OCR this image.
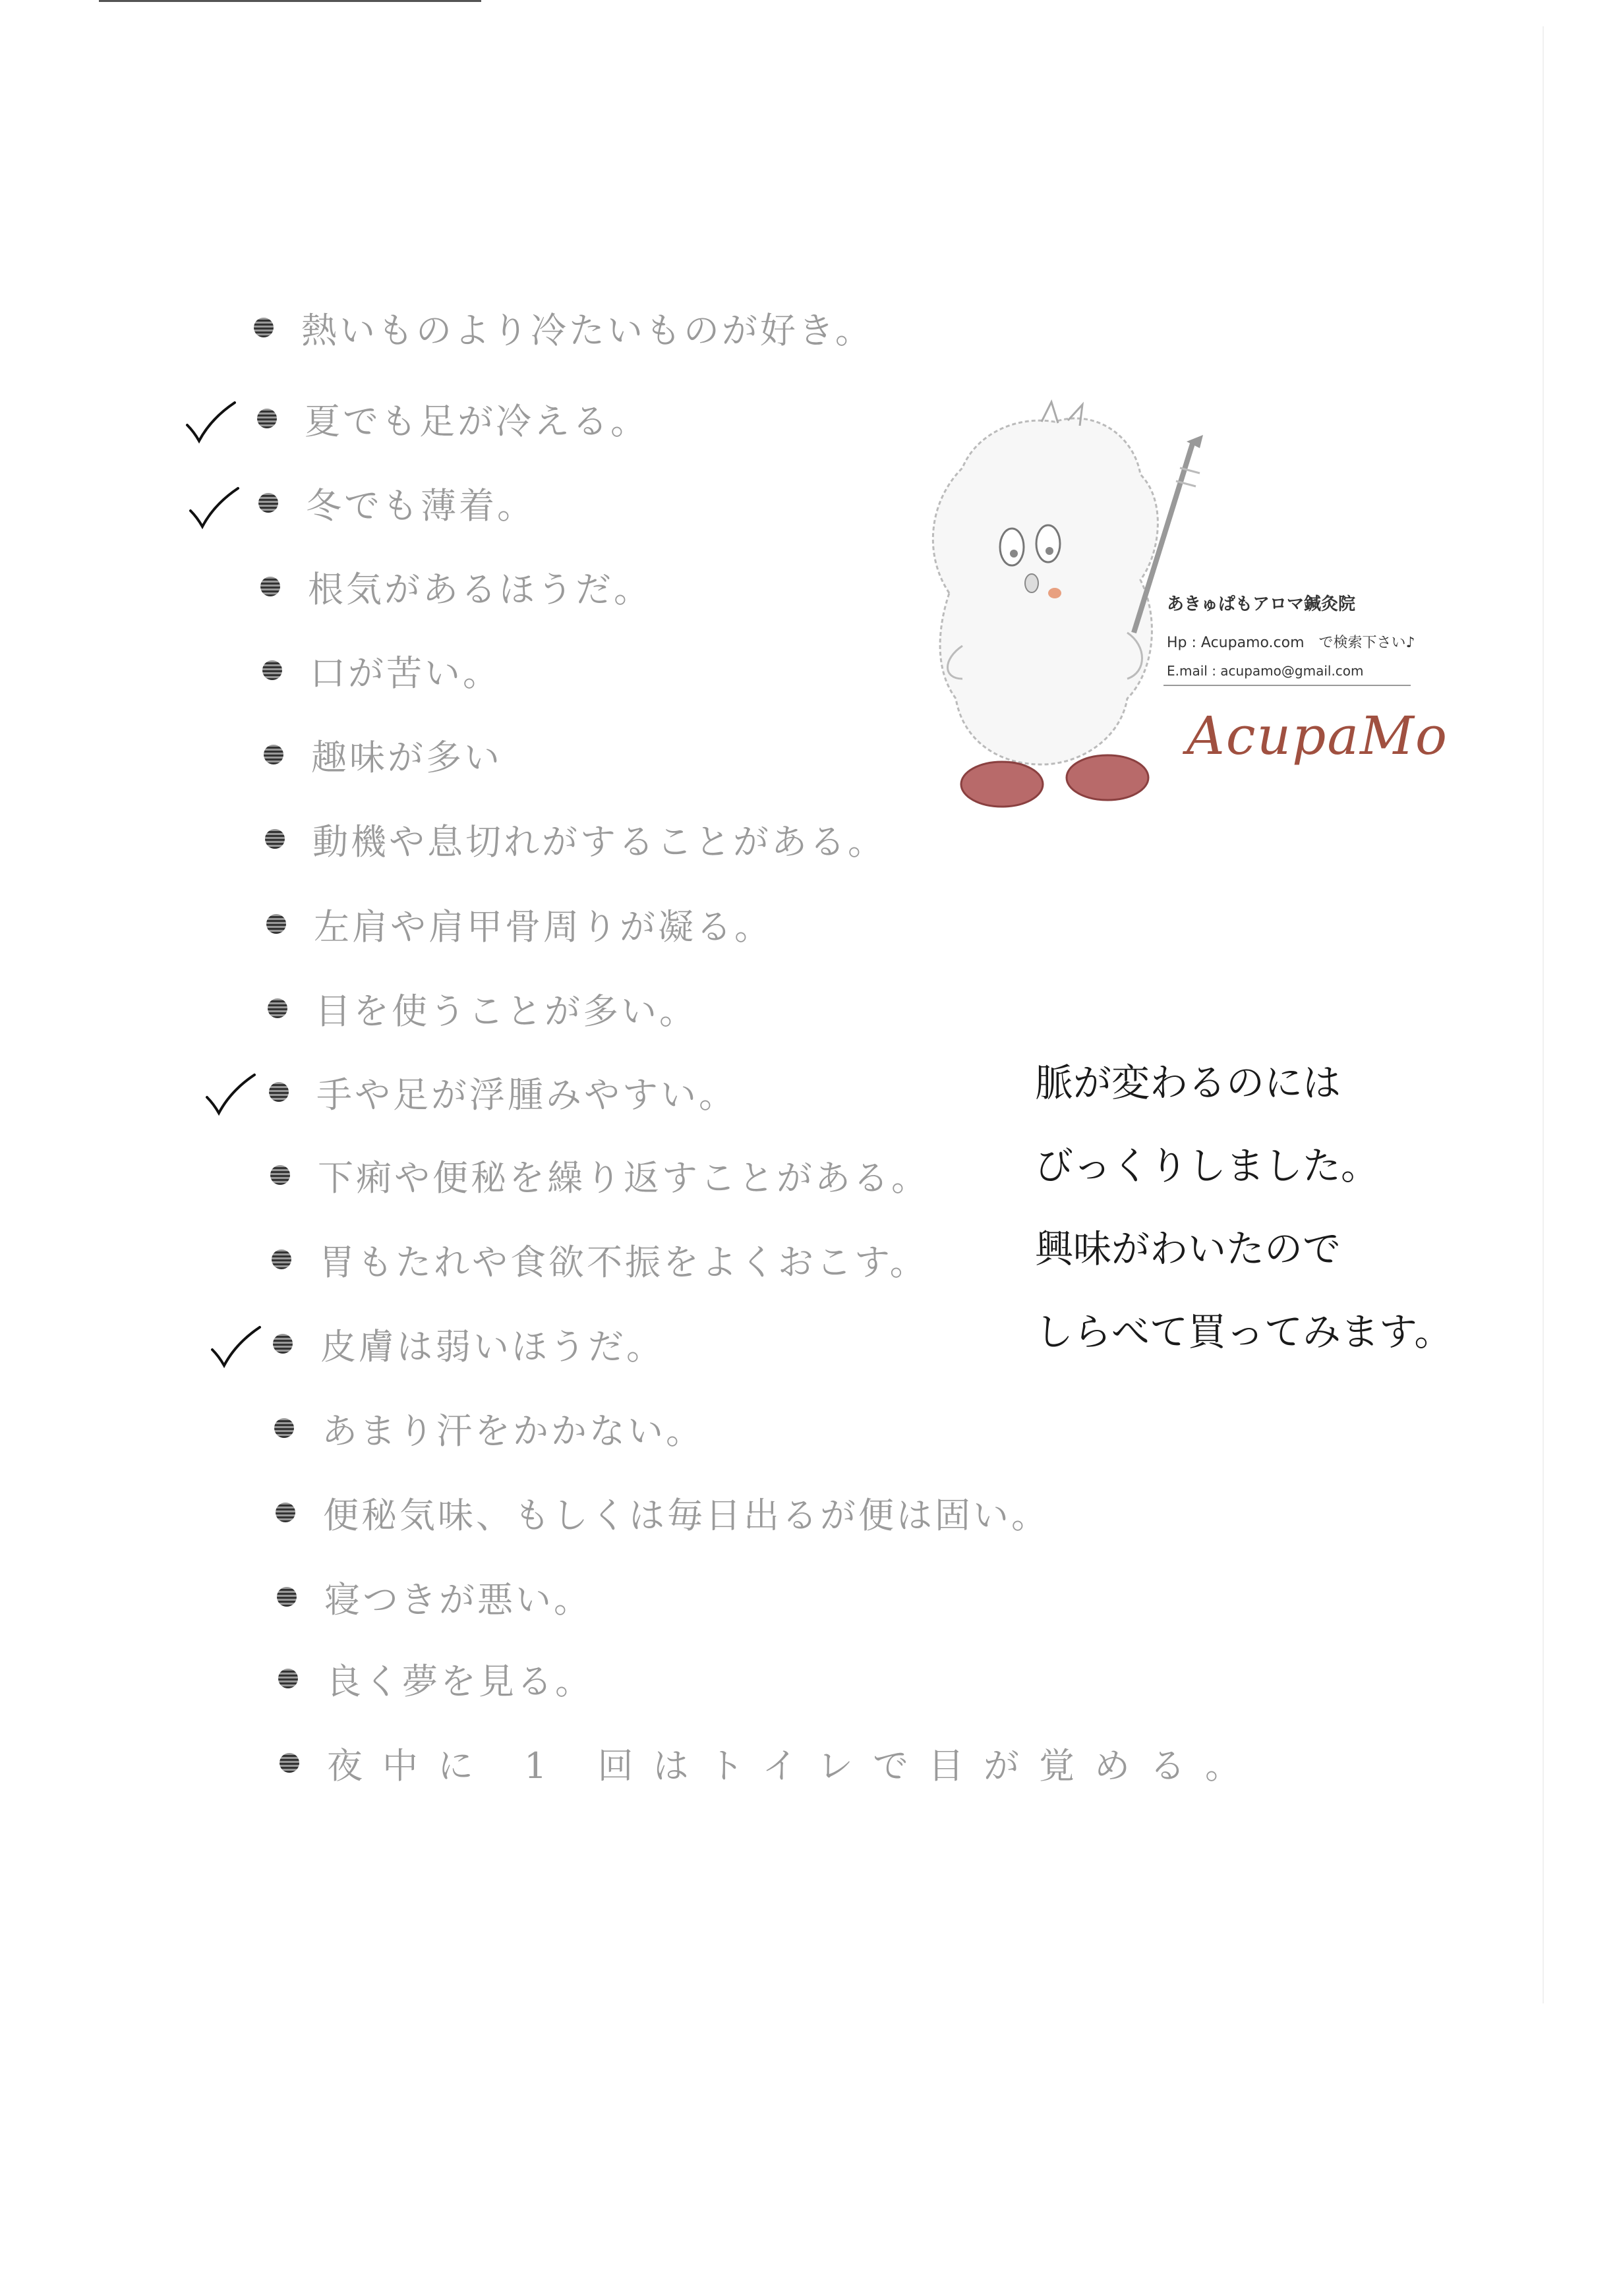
熱いものより冷たいものが好き。
夏でも足が冷える。
冬でも薄着。
根気があるほうだ。
口が苦い。
趣味が多い
動機や息切れがすることがある。
左肩や肩甲骨周りが凝る。
目を使うことが多い。
手や足が浮腫みやすい。
下痢や便秘を繰り返すことがある。
胃もたれや食欲不振をよくおこす。
皮膚は弱いほうだ。
あまり汗をかかない。
便秘気味、もしくは毎日出るが便は固い。
寝つきが悪い。
良く夢を見る。
夜中に 1 回はトイレで目が覚める。
あきゅぱもアロマ鍼灸院
Hp : Acupamo.com　で検索下さい♪
E.mail : acupamo@gmail.com
AcupaMo
脈が変わるのには
びっくりしました。
興味がわいたので
しらべて買ってみます。
